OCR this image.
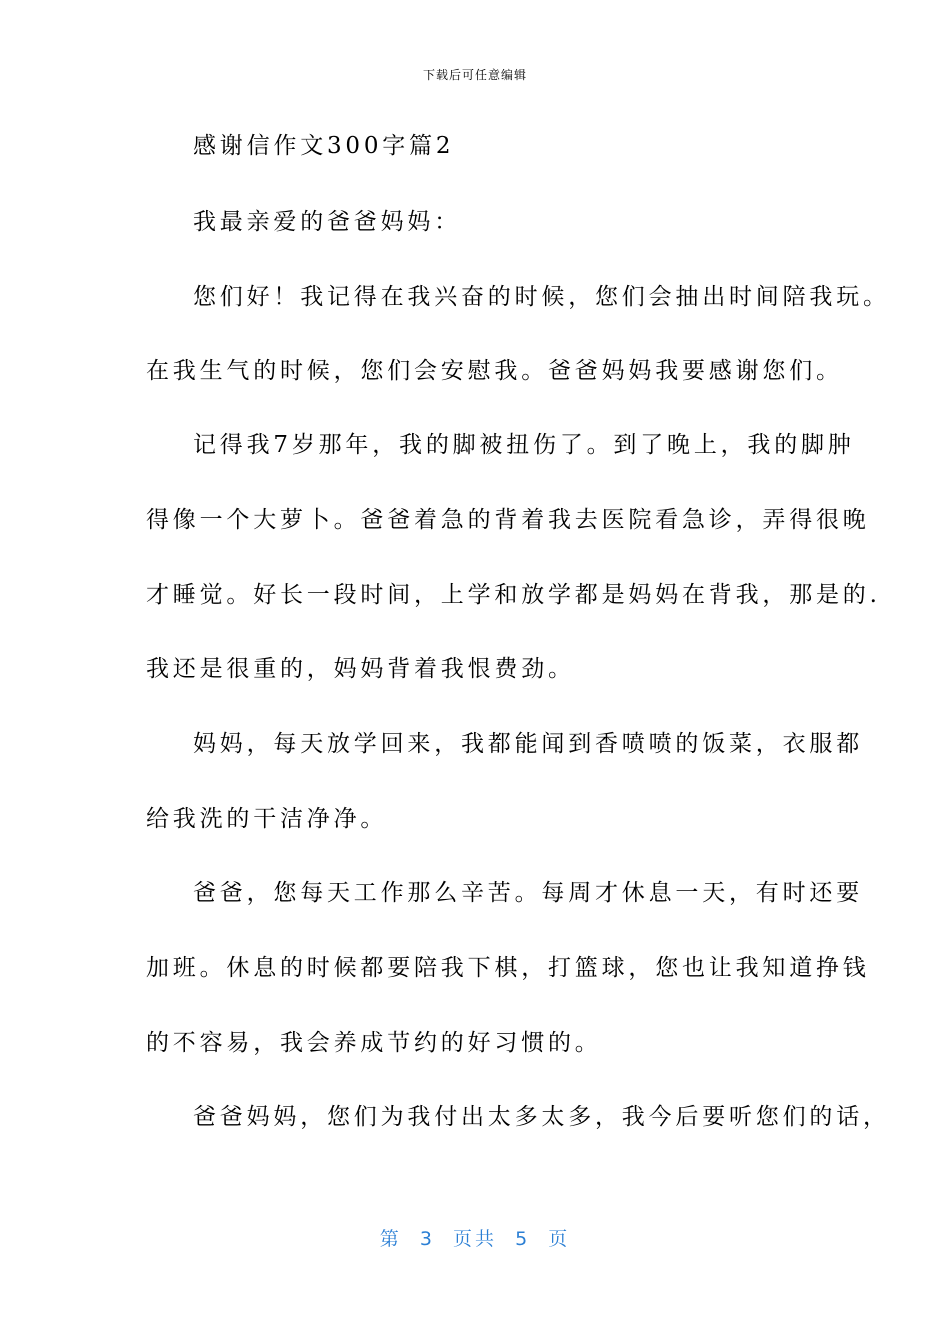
下载后可任意编辑
感谢信作文300字篇2
我最亲爱的爸爸妈妈：
您们好！我记得在我兴奋的时候，您们会抽出时间陪我玩。
在我生气的时候，您们会安慰我。爸爸妈妈我要感谢您们。
记得我7岁那年，我的脚被扭伤了。到了晚上，我的脚肿
得像一个大萝卜。爸爸着急的背着我去医院看急诊，弄得很晚
才睡觉。好长一段时间，上学和放学都是妈妈在背我，那是的.
我还是很重的，妈妈背着我恨费劲。
妈妈，每天放学回来，我都能闻到香喷喷的饭菜，衣服都
给我洗的干洁净净。
爸爸，您每天工作那么辛苦。每周才休息一天，有时还要
加班。休息的时候都要陪我下棋，打篮球，您也让我知道挣钱
的不容易，我会养成节约的好习惯的。
爸爸妈妈，您们为我付出太多太多，我今后要听您们的话，
第  3  页共  5  页
